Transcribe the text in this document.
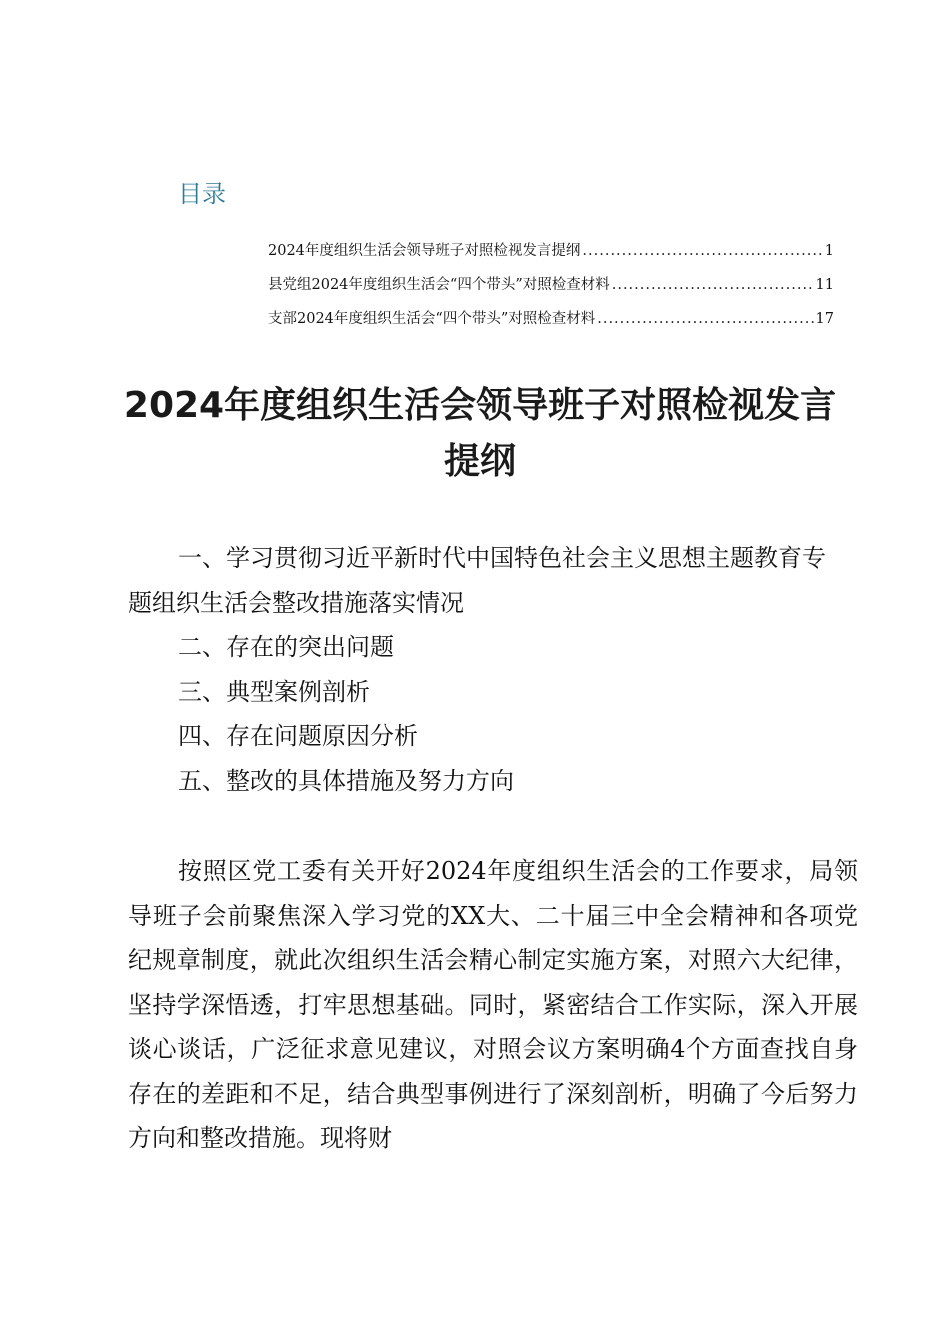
目录
2024年度组织生活会领导班子对照检视发言提纲 .....	1
县党组2024年度组织生活会“四个带头”对照检查材料 .....	11
支部2024年度组织生活会“四个带头”对照检查材料 .....	17
2024年度组织生活会领导班子对照检视发言提纲
一、学习贯彻习近平新时代中国特色社会主义思想主题教育专题组织生活会整改措施落实情况
二、存在的突出问题
三、典型案例剖析
四、存在问题原因分析
五、整改的具体措施及努力方向

按照区党工委有关开好2024年度组织生活会的工作要求，局领导班子会前聚焦深入学习党的XX大、二十届三中全会精神和各项党纪规章制度，就此次组织生活会精心制定实施方案，对照六大纪律，坚持学深悟透，打牢思想基础。同时，紧密结合工作实际，深入开展谈心谈话，广泛征求意见建议，对照会议方案明确4个方面查找自身存在的差距和不足，结合典型事例进行了深刻剖析，明确了今后努力方向和整改措施。现将财
